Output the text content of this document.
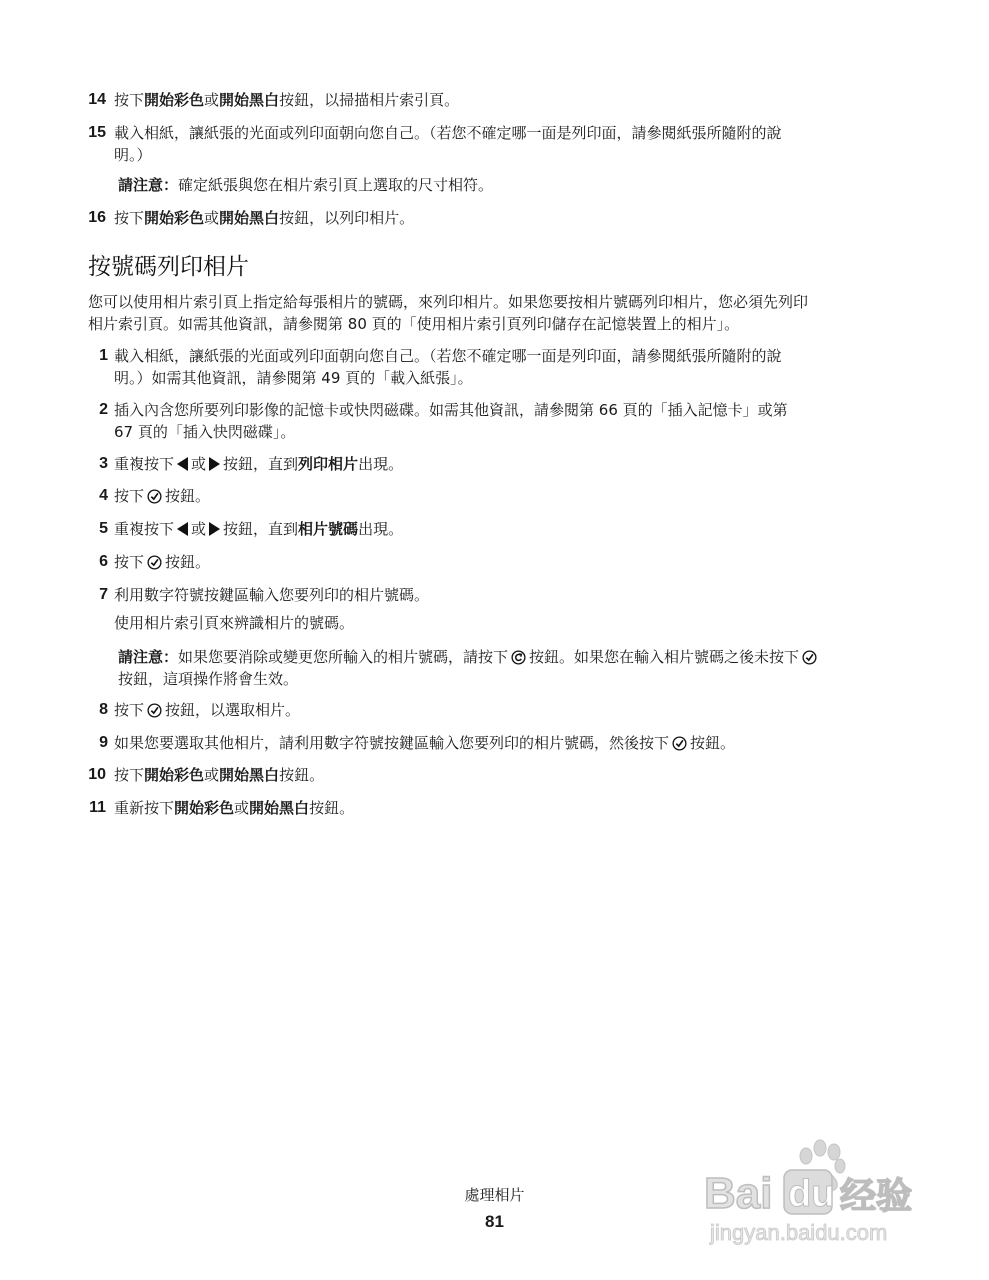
14 按下開始彩色或開始黑白按鈕，以掃描相片索引頁。
15 載入相紙，讓紙張的光面或列印面朝向您自己。（若您不確定哪一面是列印面，請參閱紙張所隨附的說
明。）
請注意：確定紙張與您在相片索引頁上選取的尺寸相符。
16 按下開始彩色或開始黑白按鈕，以列印相片。
按號碼列印相片
您可以使用相片索引頁上指定給每張相片的號碼，來列印相片。如果您要按相片號碼列印相片，您必須先列印
相片索引頁。如需其他資訊，請參閱第 80 頁的「使用相片索引頁列印儲存在記憶裝置上的相片」。
1 載入相紙，讓紙張的光面或列印面朝向您自己。（若您不確定哪一面是列印面，請參閱紙張所隨附的說
明。）如需其他資訊，請參閱第 49 頁的「載入紙張」。
2 插入內含您所要列印影像的記憶卡或快閃磁碟。如需其他資訊，請參閱第 66 頁的「插入記憶卡」或第
67 頁的「插入快閃磁碟」。
3 重複按下 或 按鈕，直到列印相片出現。
4 按下 按鈕。
5 重複按下 或 按鈕，直到相片號碼出現。
6 按下 按鈕。
7 利用數字符號按鍵區輸入您要列印的相片號碼。
使用相片索引頁來辨識相片的號碼。
請注意：如果您要消除或變更您所輸入的相片號碼，請按下 按鈕。如果您在輸入相片號碼之後未按下
按鈕，這項操作將會生效。
8 按下 按鈕，以選取相片。
9 如果您要選取其他相片，請利用數字符號按鍵區輸入您要列印的相片號碼，然後按下 按鈕。
10 按下開始彩色或開始黑白按鈕。
11 重新按下開始彩色或開始黑白按鈕。
處理相片
81
Bai du 经验
jingyan.baidu.com
